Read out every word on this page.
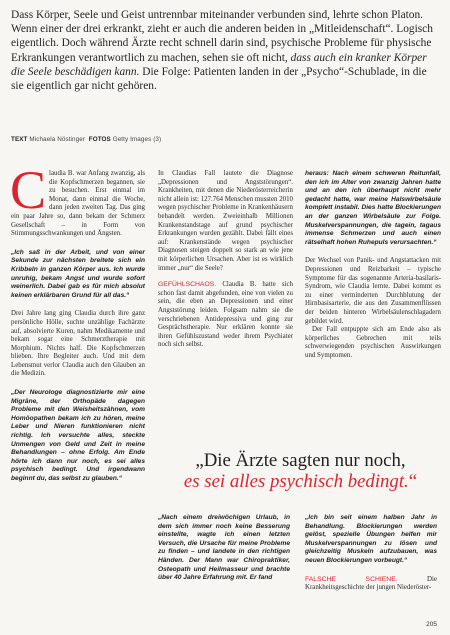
Dass Körper, Seele und Geist untrennbar miteinander verbunden sind, lehrte schon Platon. Wenn einer der drei erkrankt, zieht er auch die anderen beiden in „Mitleidenschaft“. Logisch eigentlich. Doch während Ärzte recht schnell darin sind, psychische Probleme für physische Erkrankungen verantwortlich zu machen, sehen sie oft nicht, dass auch ein kranker Körper die Seele beschädigen kann. Die Folge: Patienten landen in der „Psycho“-Schublade, in die sie eigentlich gar nicht gehören.
TEXT Michaela Nöstinger FOTOS Getty Images (3)

C laudia B. war Anfang zwanzig, als die Kopfschmerzen begannen, sie zu besuchen. Erst einmal im Monat, dann einmal die Woche, dann jeden zweiten Tag. Das ging ein paar Jahre so, dann bekam der Schmerz Gesellschaft – in Form von Stimmungsschwankungen und Ängsten.

„Ich saß in der Arbeit, und von einer Sekunde zur nächsten breitete sich ein Kribbeln in ganzen Körper aus. Ich wurde unruhig, bekam Angst und wurde sofort weinerlich. Dabei gab es für mich absolut keinen erklärbaren Grund für all das.“

Drei Jahre lang ging Claudia durch ihre ganz persönliche Hölle, suchte unzählige Fachärzte auf, absolvierte Kuren, nahm Medikamente und bekam sogar eine Schmerztherapie mit Morphium. Nichts half. Die Kopfschmerzen blieben. Ihre Begleiter auch. Und mit dem Lebensmut verlor Claudia auch den Glauben an die Medizin.

„Der Neurologe diagnostizierte mir eine Migräne, der Orthopäde dagegen Probleme mit den Weisheitszähnen, vom Homöopathen bekam ich zu hören, meine Leber und Nieren funktionieren nicht richtig. Ich versuchte alles, steckte Unmengen von Geld und Zeit in meine Behandlungen – ohne Erfolg. Am Ende hörte ich dann nur noch, es sei alles psychisch bedingt. Und irgendwann beginnt du, das selbst zu glauben.“

In Claudias Fall lautete die Diagnose „Depressionen und Angststörungen“. Krankheiten, mit denen die Niederösterreicherin nicht allein ist: 127.764 Menschen mussten 2010 wegen psychischer Probleme in Krankenhäusern behandelt werden. Zweieinhalb Millionen Krankenstandstage auf grund psychischer Erkrankungen wurden gezählt. Dabei fällt eines auf: Krankenstände wegen psychischer Diagnosen steigen doppelt so stark an wie jene mit körperlichen Ursachen. Aber ist es wirklich immer „nur“ die Seele?

GEFÜHLSCHAOS. Claudia B. hatte sich schon fast damit abgefunden, eine von vielen zu sein, die eben an Depressionen und einer Angststörung leiden. Folgsam nahm sie die verschriebenen Antidepressiva und ging zur Gesprächstherapie. Nur erklären konnte sie ihren Gefühlszustand weder ihrem Psychiater noch sich selbst.

„Die Ärzte sagten nur noch,
es sei alles psychisch bedingt.“

„Nach einem dreiwöchigen Urlaub, in dem sich immer noch keine Besserung einstellte, wagte ich einen letzten Versuch, die Ursache für meine Probleme zu finden – und landete in den richtigen Händen. Der Mann war Chiropraktiker, Osteopath und Heilmasseur und brachte über 40 Jahre Erfahrung mit. Er fand

heraus: Nach einem schweren Reitunfall, den ich im Alter von zwanzig Jahren hatte und an den ich überhaupt nicht mehr gedacht hatte, war meine Halswirbelsäule komplett instabil. Dies hatte Blockierungen an der ganzen Wirbelsäule zur Folge. Muskelverspannungen, die tagein, tagaus immense Schmerzen und auch einen rätselhaft hohen Ruhepuls verursachten.“

Der Wechsel von Panik- und Angstattacken mit Depressionen und Reizbarkeit – typische Symptome für das sogenannte Arteria-basilaris-Syndrom, wie Claudia lernte. Dabei kommt es zu einer verminderten Durchblutung der Hirnbasisarterie, die aus den Zusammenflüssen der beiden hinteren Wirbelsäulenschlagadern gebildet wird.

Der Fall entpuppte sich am Ende also als körperliches Gebrechen mit teils schwerwiegenden psychischen Auswirkungen und Symptomen.

„Ich bin seit einem halben Jahr in Behandlung. Blockierungen werden gelöst, spezielle Übungen helfen mir Muskelverspannungen zu lösen und gleichzeitig Muskeln aufzubauen, was neuen Blockierungen vorbeugt.“

FALSCHE SCHIENE.	Die Krankheitsgeschichte der jungen Niederöster-

205
